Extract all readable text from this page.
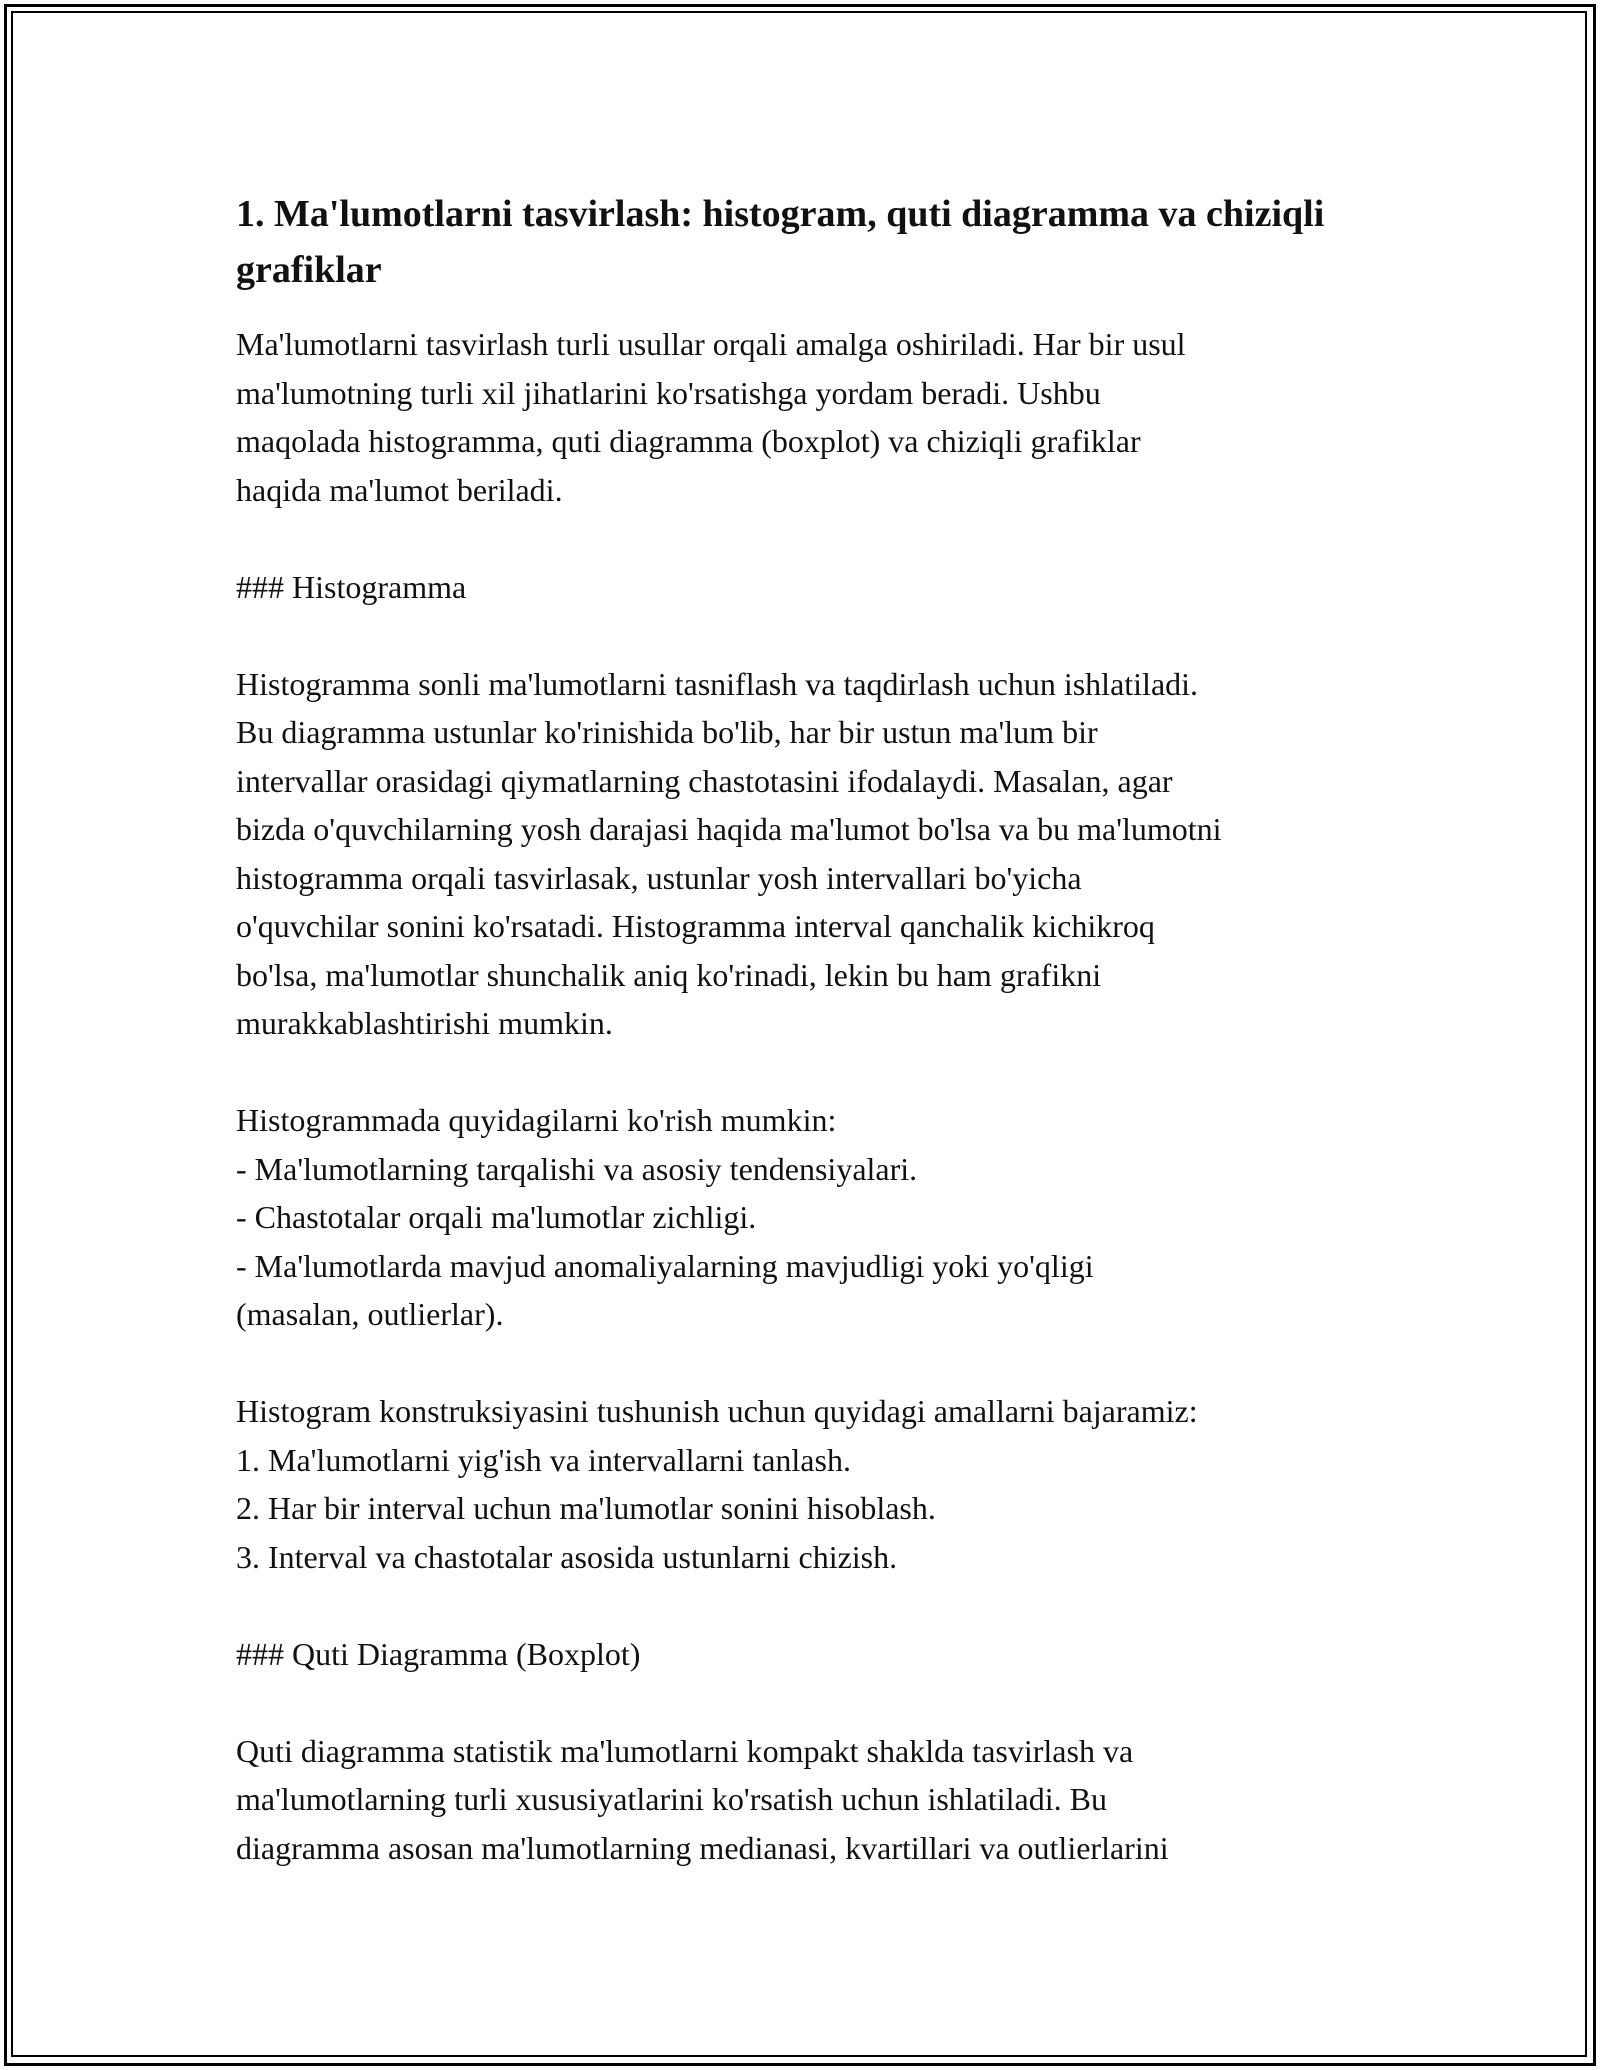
1. Ma'lumotlarni tasvirlash: histogram, quti diagramma va chiziqli grafiklar

Ma'lumotlarni tasvirlash turli usullar orqali amalga oshiriladi. Har bir usul
ma'lumotning turli xil jihatlarini ko'rsatishga yordam beradi. Ushbu
maqolada histogramma, quti diagramma (boxplot) va chiziqli grafiklar
haqida ma'lumot beriladi.

### Histogramma

Histogramma sonli ma'lumotlarni tasniflash va taqdirlash uchun ishlatiladi.
Bu diagramma ustunlar ko'rinishida bo'lib, har bir ustun ma'lum bir
intervallar orasidagi qiymatlarning chastotasini ifodalaydi. Masalan, agar
bizda o'quvchilarning yosh darajasi haqida ma'lumot bo'lsa va bu ma'lumotni
histogramma orqali tasvirlasak, ustunlar yosh intervallari bo'yicha
o'quvchilar sonini ko'rsatadi. Histogramma interval qanchalik kichikroq
bo'lsa, ma'lumotlar shunchalik aniq ko'rinadi, lekin bu ham grafikni
murakkablashtirishi mumkin.

Histogrammada quyidagilarni ko'rish mumkin:
- Ma'lumotlarning tarqalishi va asosiy tendensiyalari.
- Chastotalar orqali ma'lumotlar zichligi.
- Ma'lumotlarda mavjud anomaliyalarning mavjudligi yoki yo'qligi
(masalan, outlierlar).

Histogram konstruksiyasini tushunish uchun quyidagi amallarni bajaramiz:
1. Ma'lumotlarni yig'ish va intervallarni tanlash.
2. Har bir interval uchun ma'lumotlar sonini hisoblash.
3. Interval va chastotalar asosida ustunlarni chizish.

### Quti Diagramma (Boxplot)

Quti diagramma statistik ma'lumotlarni kompakt shaklda tasvirlash va
ma'lumotlarning turli xususiyatlarini ko'rsatish uchun ishlatiladi. Bu
diagramma asosan ma'lumotlarning medianasi, kvartillari va outlierlarini
